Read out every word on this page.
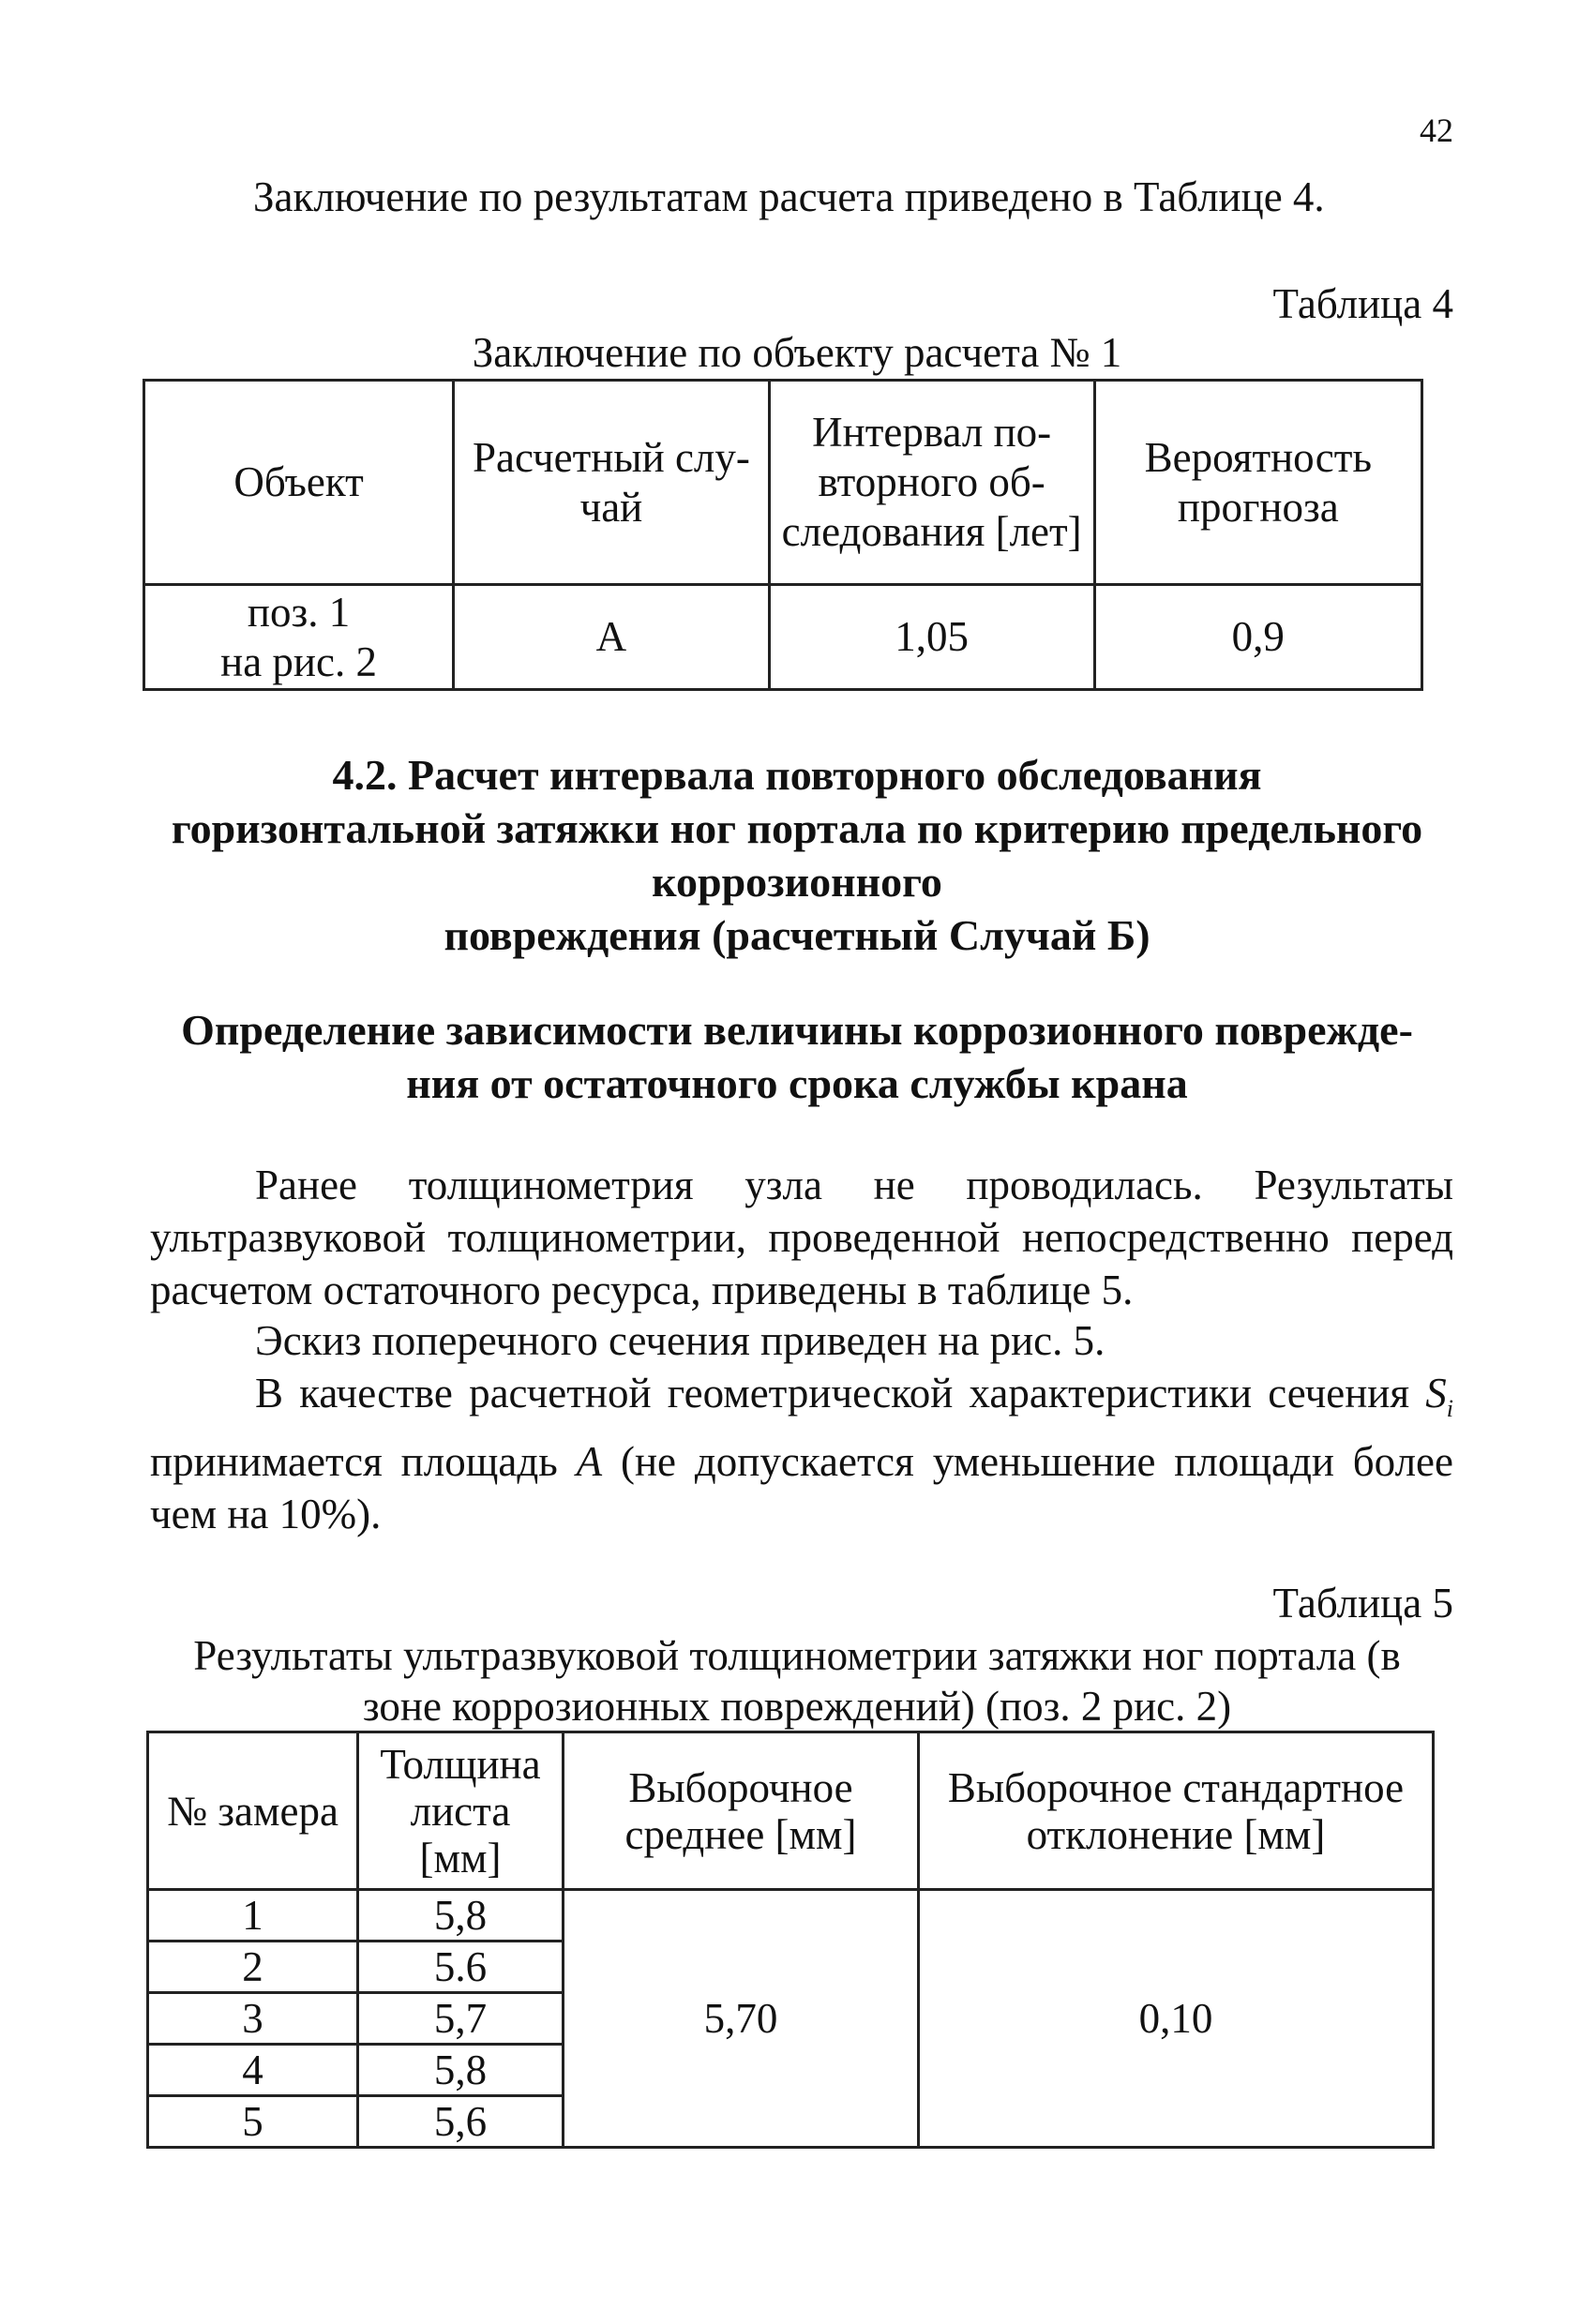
42
Заключение по результатам расчета приведено в Таблице 4.
Таблица 4
Заключение по объекту расчета № 1
Объект	Расчетный слу-чай	Интервал по-вторного об-следования [лет]	Вероятность прогноза

поз. 1
на рис. 2	А	1,05	0,9
4.2. Расчет интервала повторного обследования
горизонтальной затяжки ног портала по критерию предельного
коррозионного
повреждения (расчетный Случай Б)
Определение зависимости величины коррозионного поврежде-
ния от остаточного срока службы крана
Ранее толщинометрия узла не проводилась. Результаты ультразвуковой толщинометрии, проведенной непосредственно перед расчетом остаточного ресурса, приведены в таблице 5.
Эскиз поперечного сечения приведен на рис. 5.
В качестве расчетной геометрической характеристики сечения $S_i$ принимается площадь A (не допускается уменьшение площади более чем на 10%).
Таблица 5
Результаты ультразвуковой толщинометрии затяжки ног портала (в
зоне коррозионных повреждений) (поз. 2 рис. 2)
№ замера	Толщина листа [мм]	Выборочное среднее [мм]	Выборочное стандартное отклонение [мм]
1	5,8	5,70	0,10
2	5.6		
3	5,7		
4	5,8		
5	5,6		
